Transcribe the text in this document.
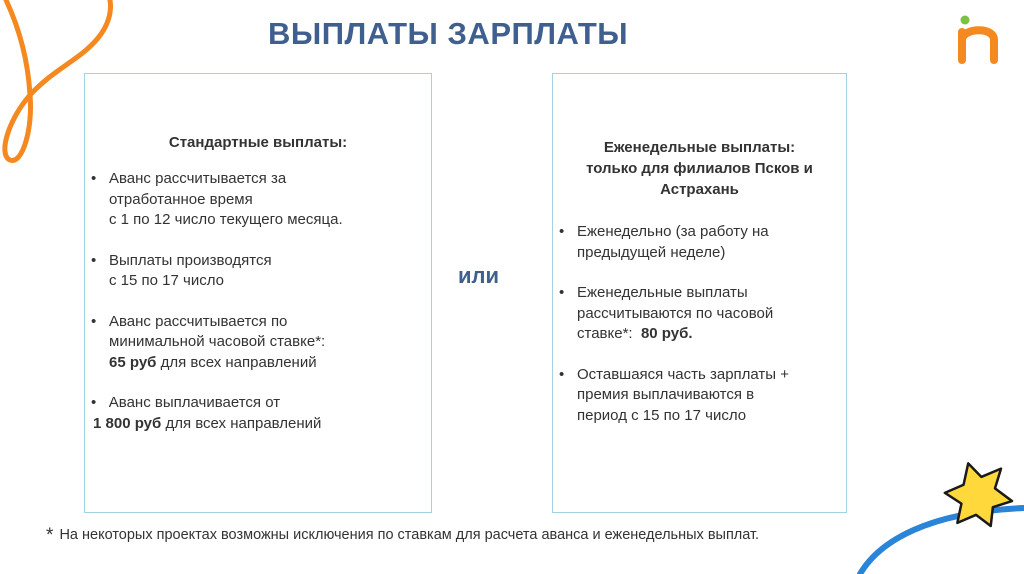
ВЫПЛАТЫ ЗАРПЛАТЫ
Стандартные выплаты:
• Аванс рассчитывается за
отработанное время
с 1 по 12 число текущего месяца.
• Выплаты производятся
с 15 по 17 число
• Аванс рассчитывается по
минимальной часовой ставке*:
65 руб для всех направлений
• Аванс выплачивается от
1 800 руб для всех направлений
или
Еженедельные выплаты:
только для филиалов Псков и
Астрахань
• Еженедельно (за работу на
предыдущей неделе)
• Еженедельные выплаты
рассчитываются по часовой
ставке*:  80 руб.
• Оставшаяся часть зарплаты +
премия выплачиваются в
период с 15 по 17 число
* На некоторых проектах возможны исключения по ставкам для расчета аванса и еженедельных выплат.
